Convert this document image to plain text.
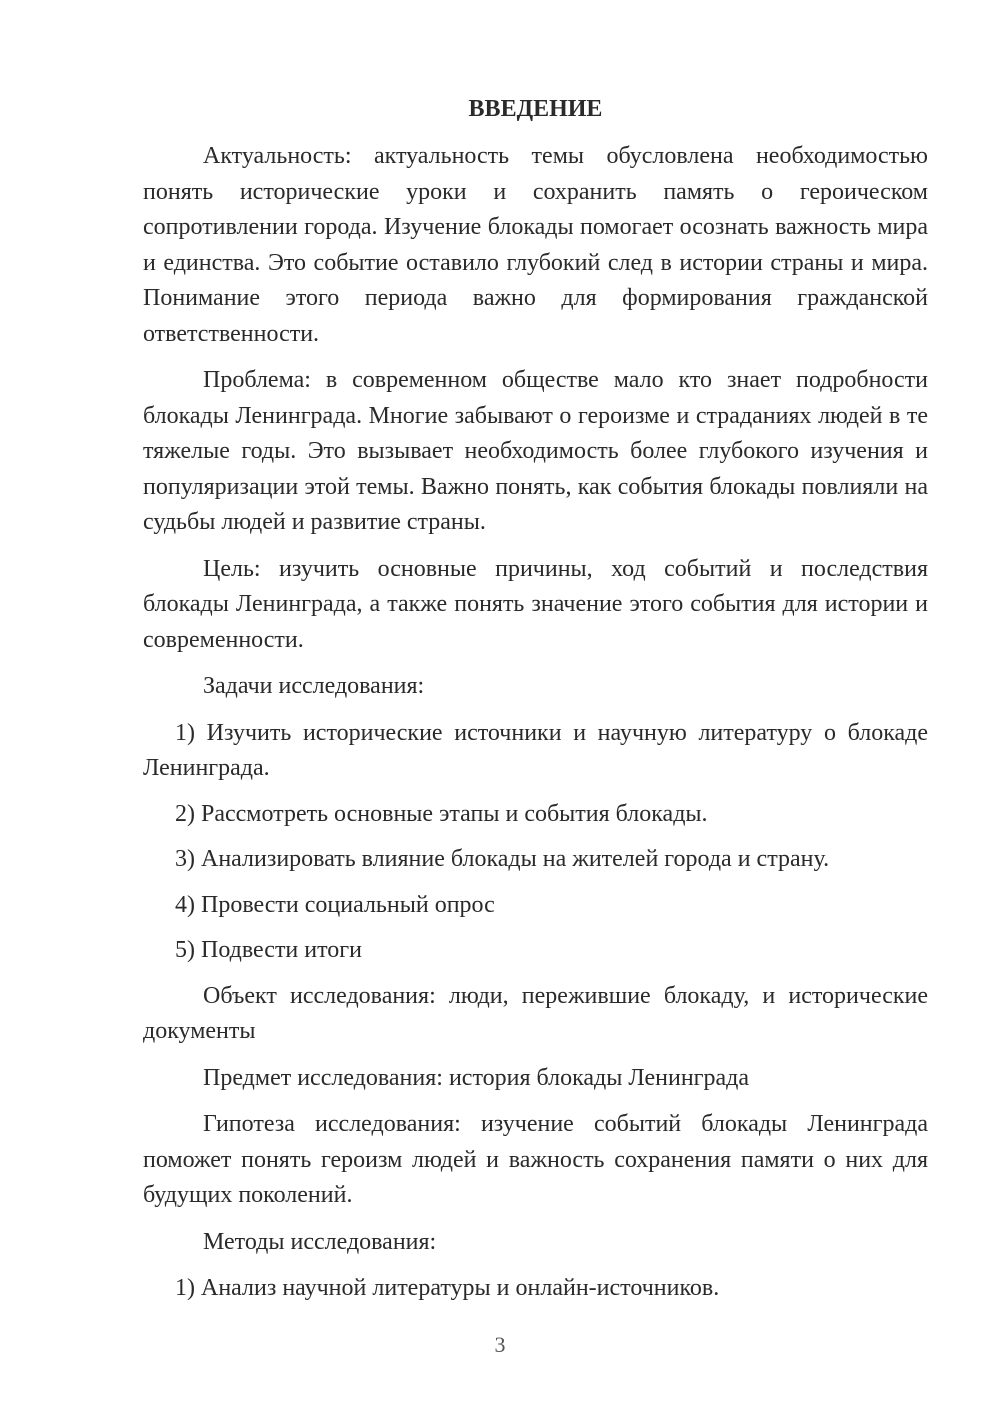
ВВЕДЕНИЕ

Актуальность: актуальность темы обусловлена необходимостью понять исторические уроки и сохранить память о героическом сопротивлении города. Изучение блокады помогает осознать важность мира и единства. Это событие оставило глубокий след в истории страны и мира. Понимание этого периода важно для формирования гражданской ответственности.

Проблема: в современном обществе мало кто знает подробности блокады Ленинграда. Многие забывают о героизме и страданиях людей в те тяжелые годы. Это вызывает необходимость более глубокого изучения и популяризации этой темы. Важно понять, как события блокады повлияли на судьбы людей и развитие страны.

Цель: изучить основные причины, ход событий и последствия блокады Ленинграда, а также понять значение этого события для истории и современности.

Задачи исследования:

1) Изучить исторические источники и научную литературу о блокаде Ленинграда.

2) Рассмотреть основные этапы и события блокады.

3) Анализировать влияние блокады на жителей города и страну.

4) Провести социальный опрос

5) Подвести итоги

Объект исследования: люди, пережившие блокаду, и исторические документы

Предмет исследования: история блокады Ленинграда

Гипотеза исследования: изучение событий блокады Ленинграда поможет понять героизм людей и важность сохранения памяти о них для будущих поколений.

Методы исследования:

1) Анализ научной литературы и онлайн-источников.

3
